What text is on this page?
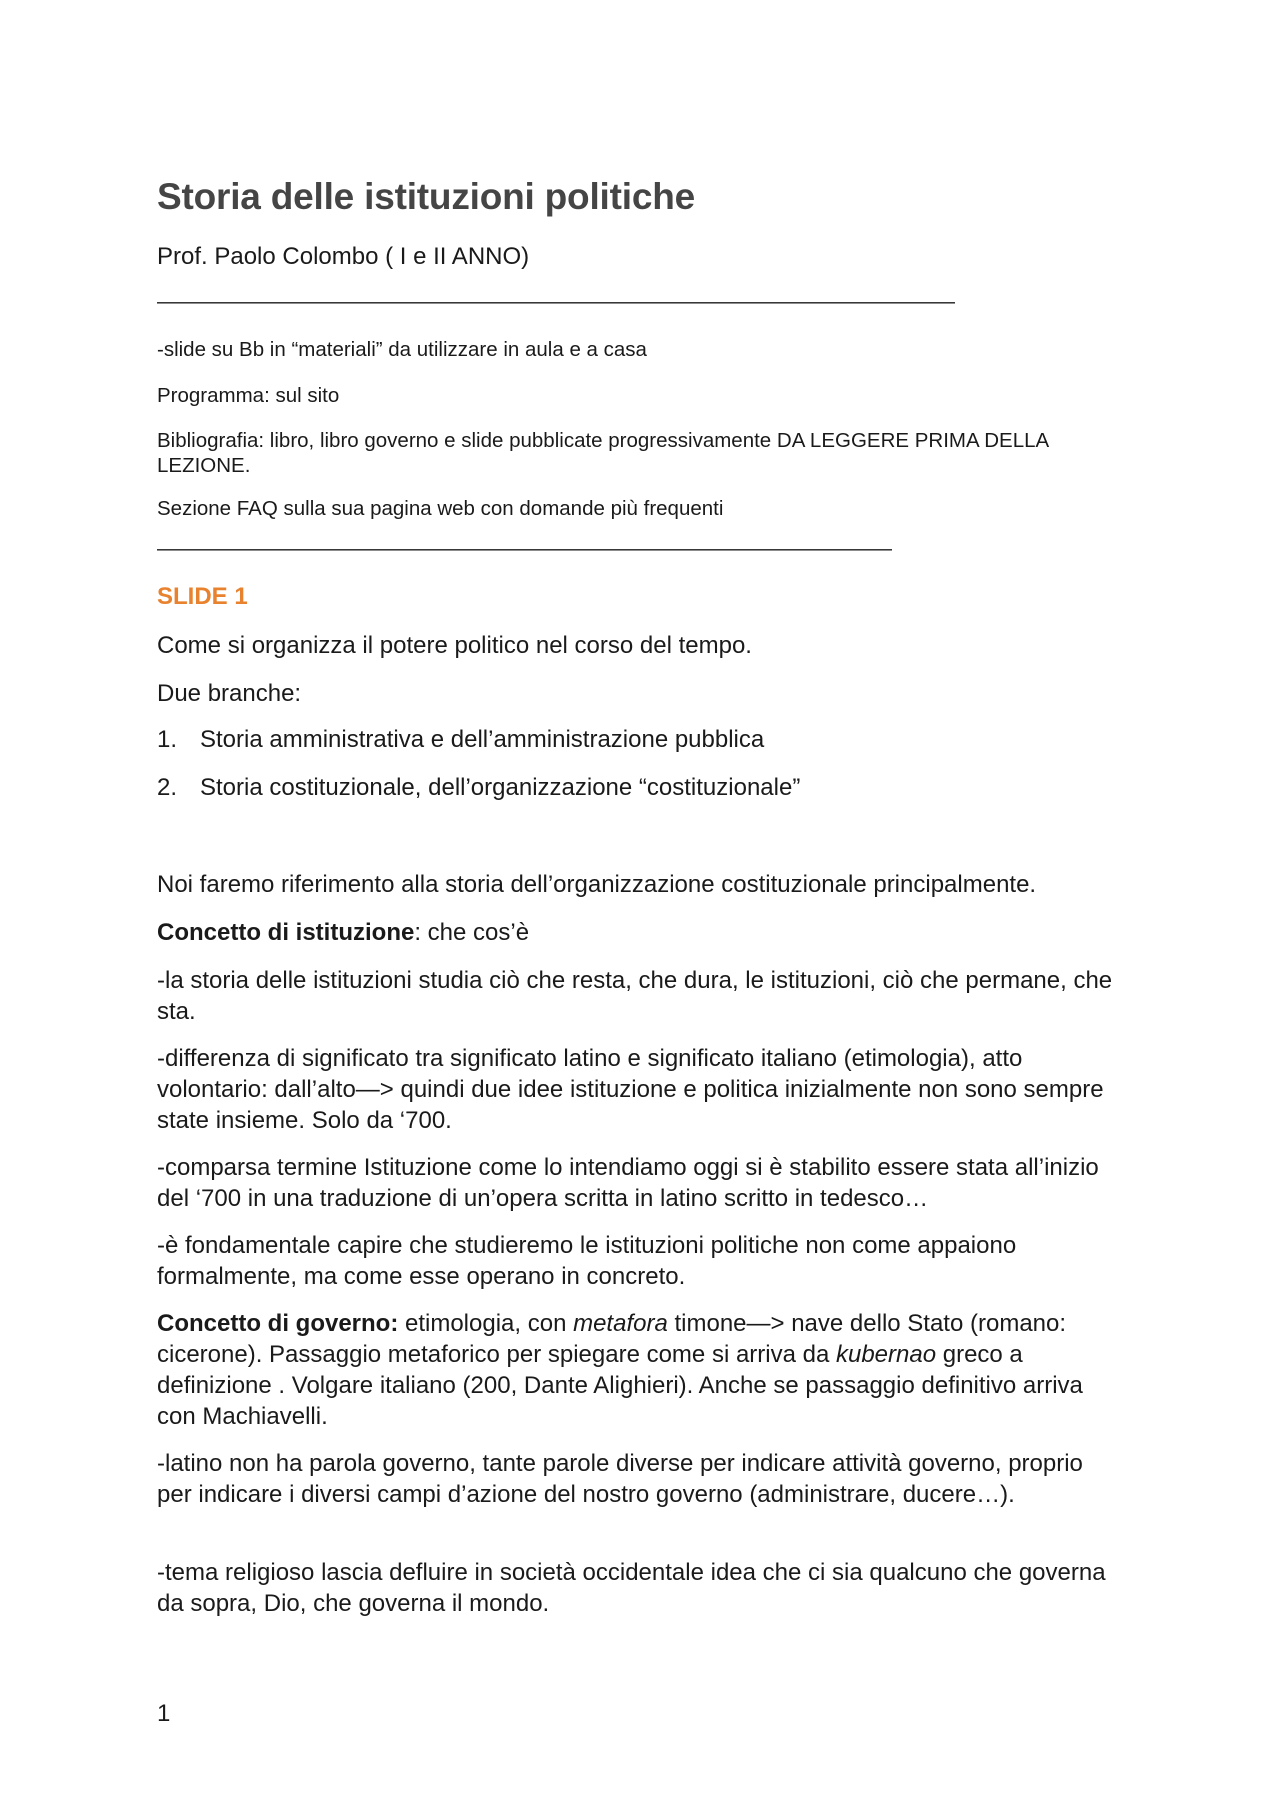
Storia delle istituzioni politiche
Prof. Paolo Colombo ( I e II ANNO)
——————————————————————————————————————
-slide su Bb in “materiali” da utilizzare in aula e a casa
Programma: sul sito
Bibliografia: libro, libro governo e slide pubblicate progressivamente DA LEGGERE PRIMA DELLA LEZIONE.
Sezione FAQ sulla sua pagina web con domande più frequenti
———————————————————————————————————
SLIDE 1
Come si organizza il potere politico nel corso del tempo.
Due branche:
1. Storia amministrativa e dell’amministrazione pubblica
2. Storia costituzionale, dell’organizzazione “costituzionale”
Noi faremo riferimento alla storia dell’organizzazione costituzionale principalmente.
Concetto di istituzione: che cos’è
-la storia delle istituzioni studia ciò che resta, che dura, le istituzioni, ciò che permane, che sta.
-differenza di significato tra significato latino e significato italiano (etimologia), atto volontario: dall’alto—> quindi due idee istituzione e politica inizialmente non sono sempre state insieme. Solo da ‘700.
-comparsa termine Istituzione come lo intendiamo oggi si è stabilito essere stata all’inizio del ‘700 in una traduzione di un’opera scritta in latino scritto in tedesco…
-è fondamentale capire che studieremo le istituzioni politiche non come appaiono formalmente, ma come esse operano in concreto.
Concetto di governo: etimologia, con metafora timone—> nave dello Stato (romano: cicerone). Passaggio metaforico per spiegare come si arriva da kubernao greco a definizione . Volgare italiano (200, Dante Alighieri). Anche se passaggio definitivo arriva con Machiavelli.
-latino non ha parola governo, tante parole diverse per indicare attività governo, proprio per indicare i diversi campi d’azione del nostro governo (administrare, ducere…).
-tema religioso lascia defluire in società occidentale idea che ci sia qualcuno che governa da sopra, Dio, che governa il mondo.
1
